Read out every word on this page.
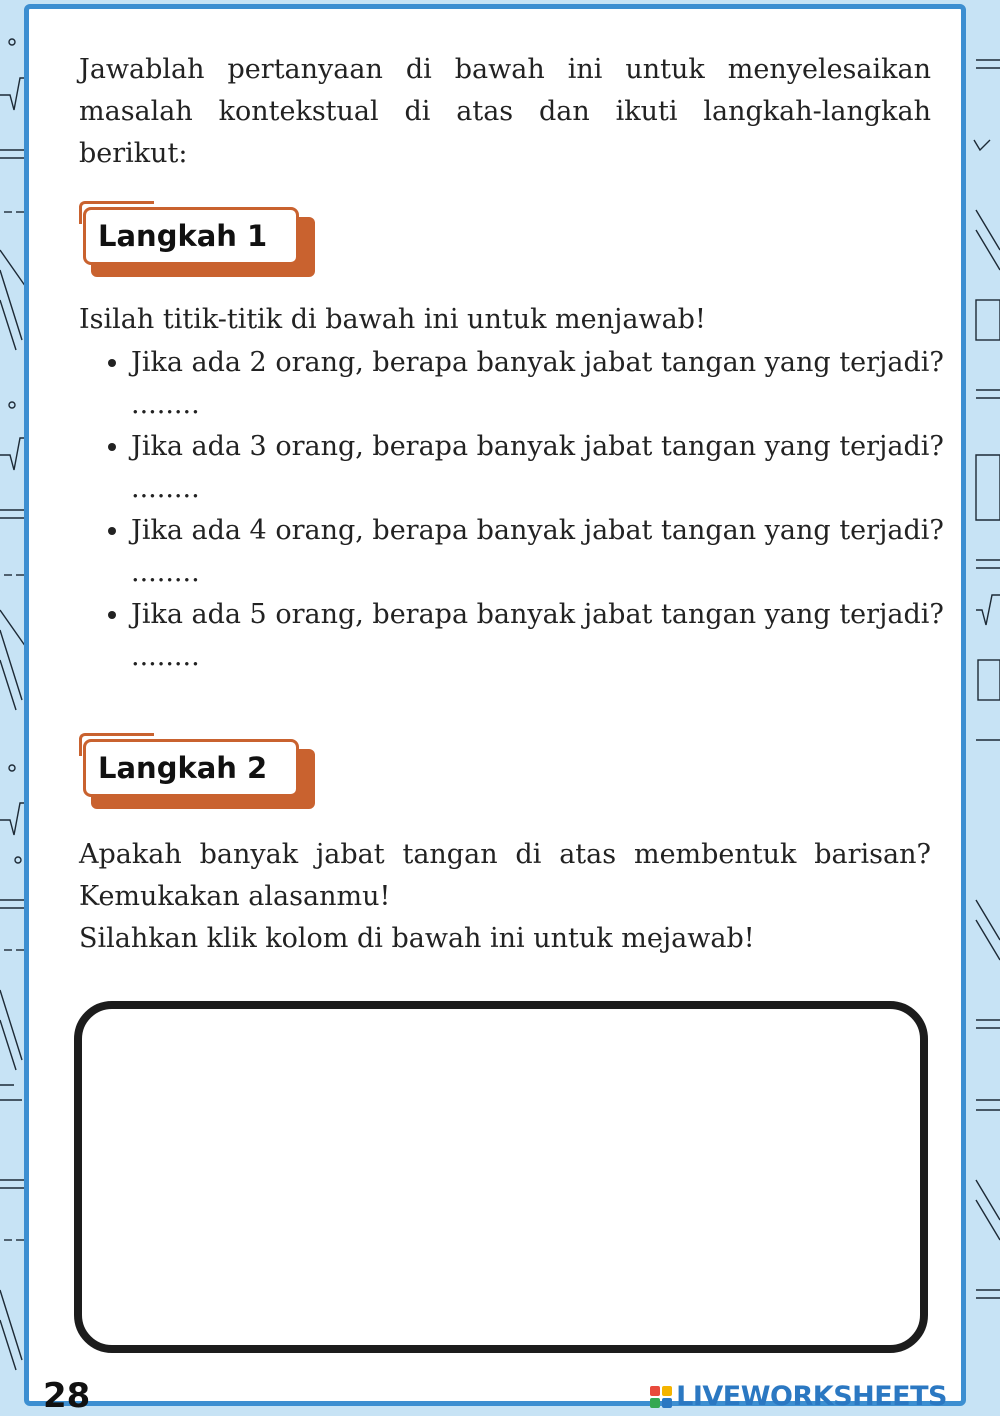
Jawablah pertanyaan di bawah ini untuk menyelesaikan
masalah kontekstual di atas dan ikuti langkah-langkah
berikut:

Langkah 1

Isilah titik-titik di bawah ini untuk menjawab!

• Jika ada 2 orang, berapa banyak jabat tangan yang terjadi? ........
• Jika ada 3 orang, berapa banyak jabat tangan yang terjadi? ........
• Jika ada 4 orang, berapa banyak jabat tangan yang terjadi? ........
• Jika ada 5 orang, berapa banyak jabat tangan yang terjadi? ........
Langkah 2

Apakah banyak jabat tangan di atas membentuk barisan?
Kemukakan alasanmu!
Silahkan klik kolom di bawah ini untuk mejawab!

28	LIVEWORKSHEETS
